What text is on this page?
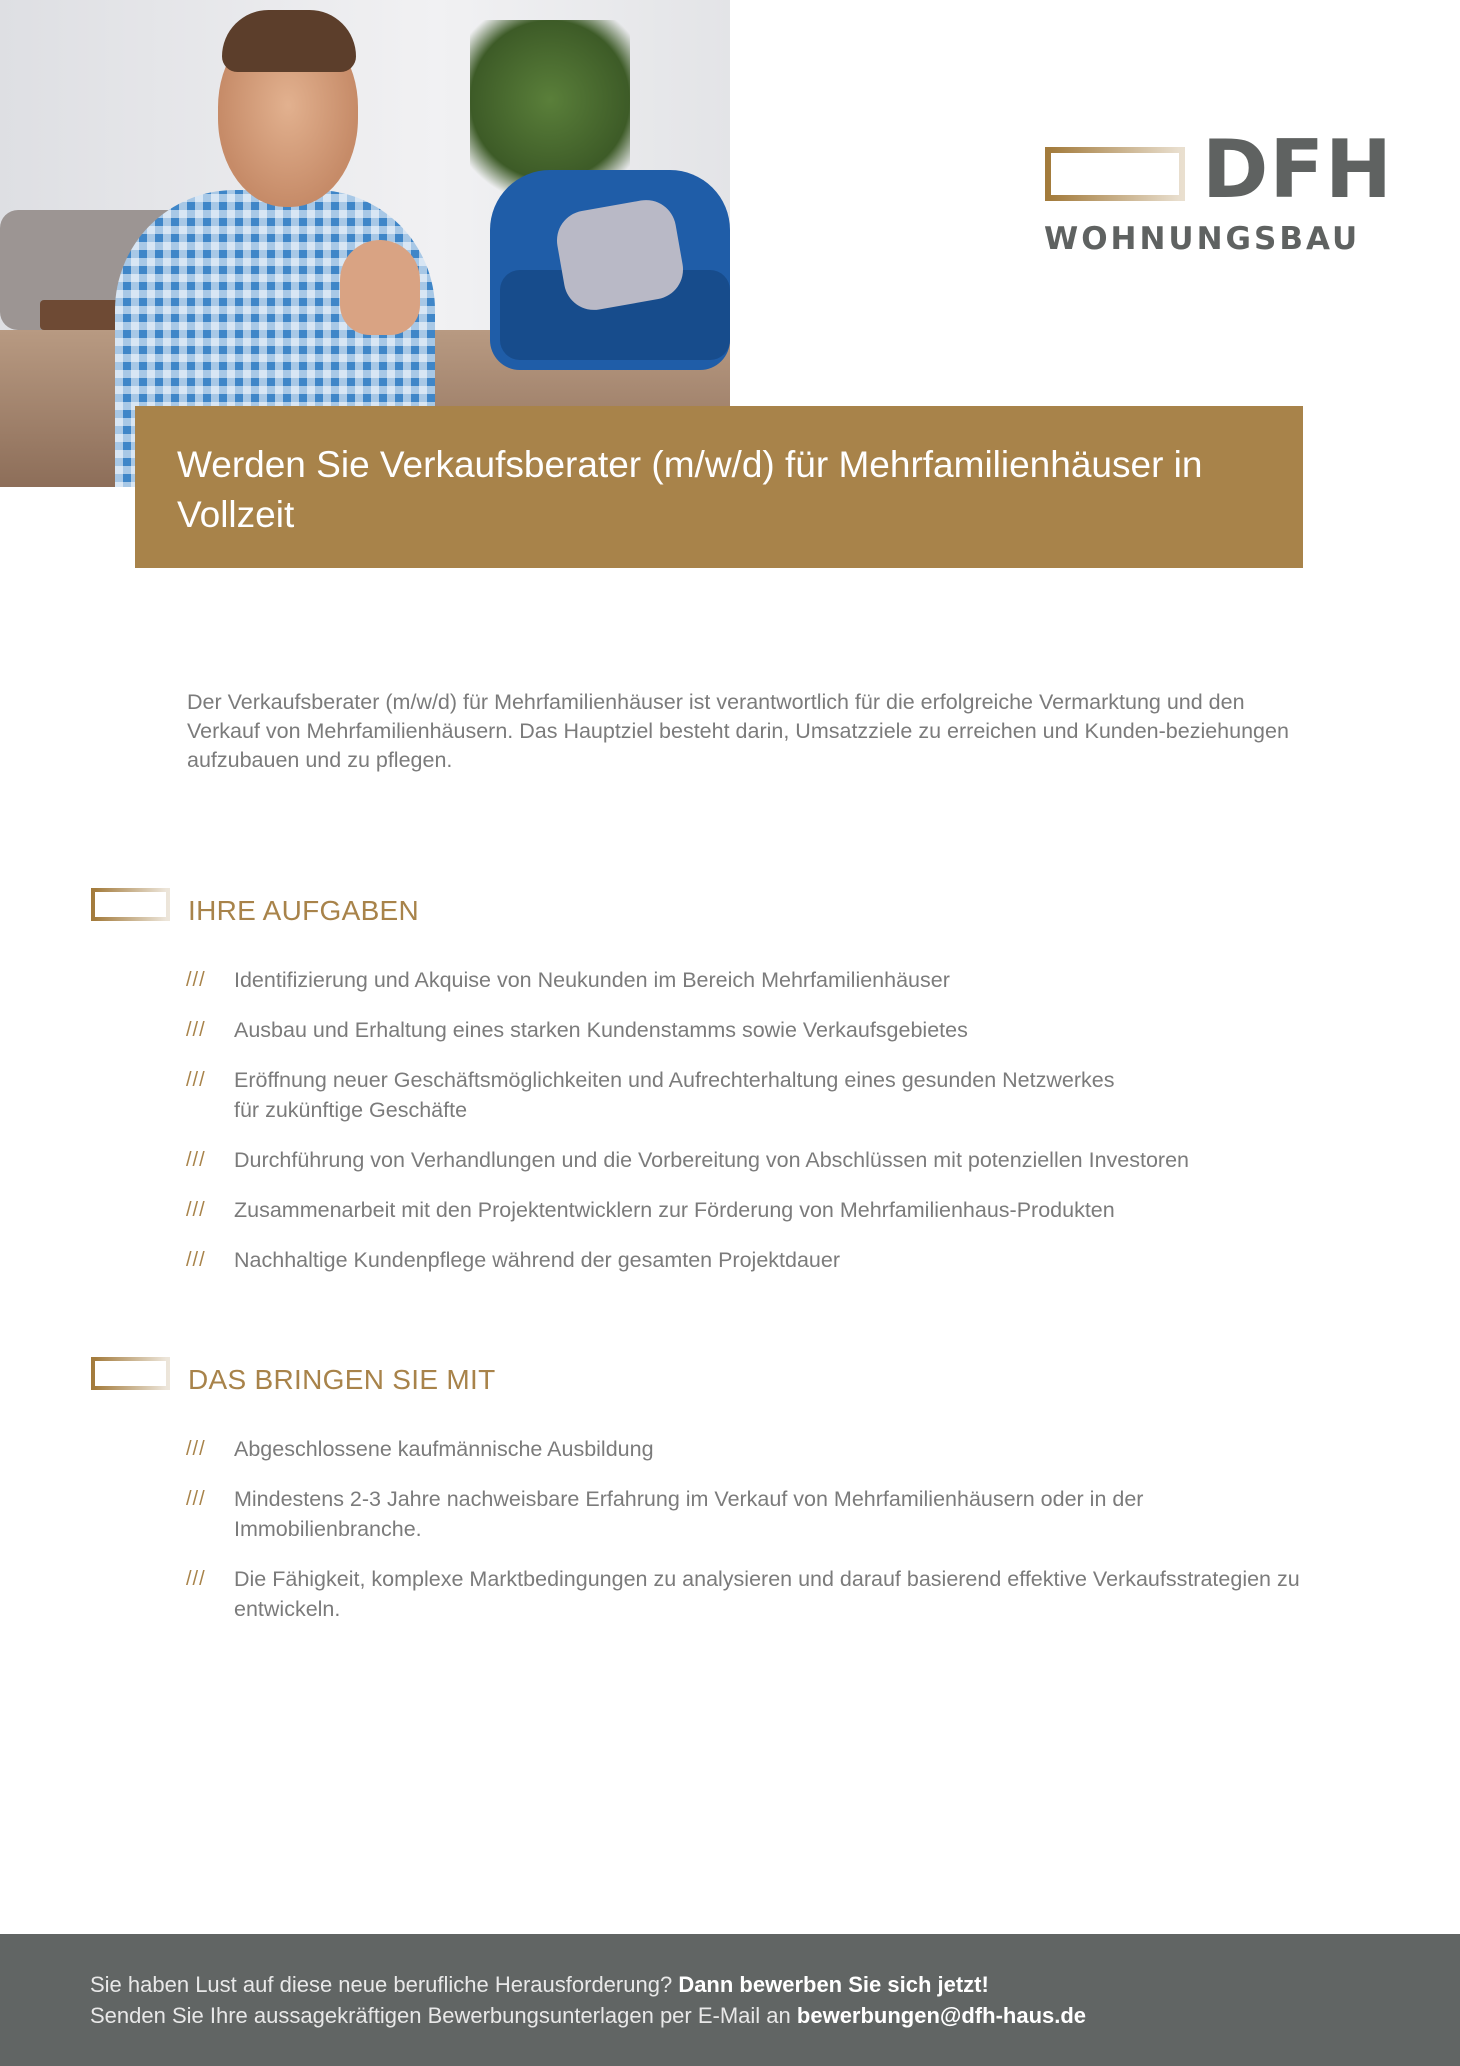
DFH
WOHNUNGSBAU
Werden Sie Verkaufsberater (m/w/d) für Mehrfamilienhäuser in Vollzeit

Der Verkaufsberater (m/w/d) für Mehrfamilienhäuser ist verantwortlich für die erfolgreiche Vermarktung und den Verkauf von Mehrfamilienhäusern. Das Hauptziel besteht darin, Umsatzziele zu erreichen und Kunden-beziehungen aufzubauen und zu pflegen.

IHRE AUFGABEN
/// Identifizierung und Akquise von Neukunden im Bereich Mehrfamilienhäuser
/// Ausbau und Erhaltung eines starken Kundenstamms sowie Verkaufsgebietes
/// Eröffnung neuer Geschäftsmöglichkeiten und Aufrechterhaltung eines gesunden Netzwerkes für zukünftige Geschäfte
/// Durchführung von Verhandlungen und die Vorbereitung von Abschlüssen mit potenziellen Investoren
/// Zusammenarbeit mit den Projektentwicklern zur Förderung von Mehrfamilienhaus-Produkten
/// Nachhaltige Kundenpflege während der gesamten Projektdauer
DAS BRINGEN SIE MIT
/// Abgeschlossene kaufmännische Ausbildung
/// Mindestens 2-3 Jahre nachweisbare Erfahrung im Verkauf von Mehrfamilienhäusern oder in der Immobilienbranche.
/// Die Fähigkeit, komplexe Marktbedingungen zu analysieren und darauf basierend effektive Verkaufsstrategien zu entwickeln.

Sie haben Lust auf diese neue berufliche Herausforderung? Dann bewerben Sie sich jetzt!

Senden Sie Ihre aussagekräftigen Bewerbungsunterlagen per E-Mail an bewerbungen@dfh-haus.de
